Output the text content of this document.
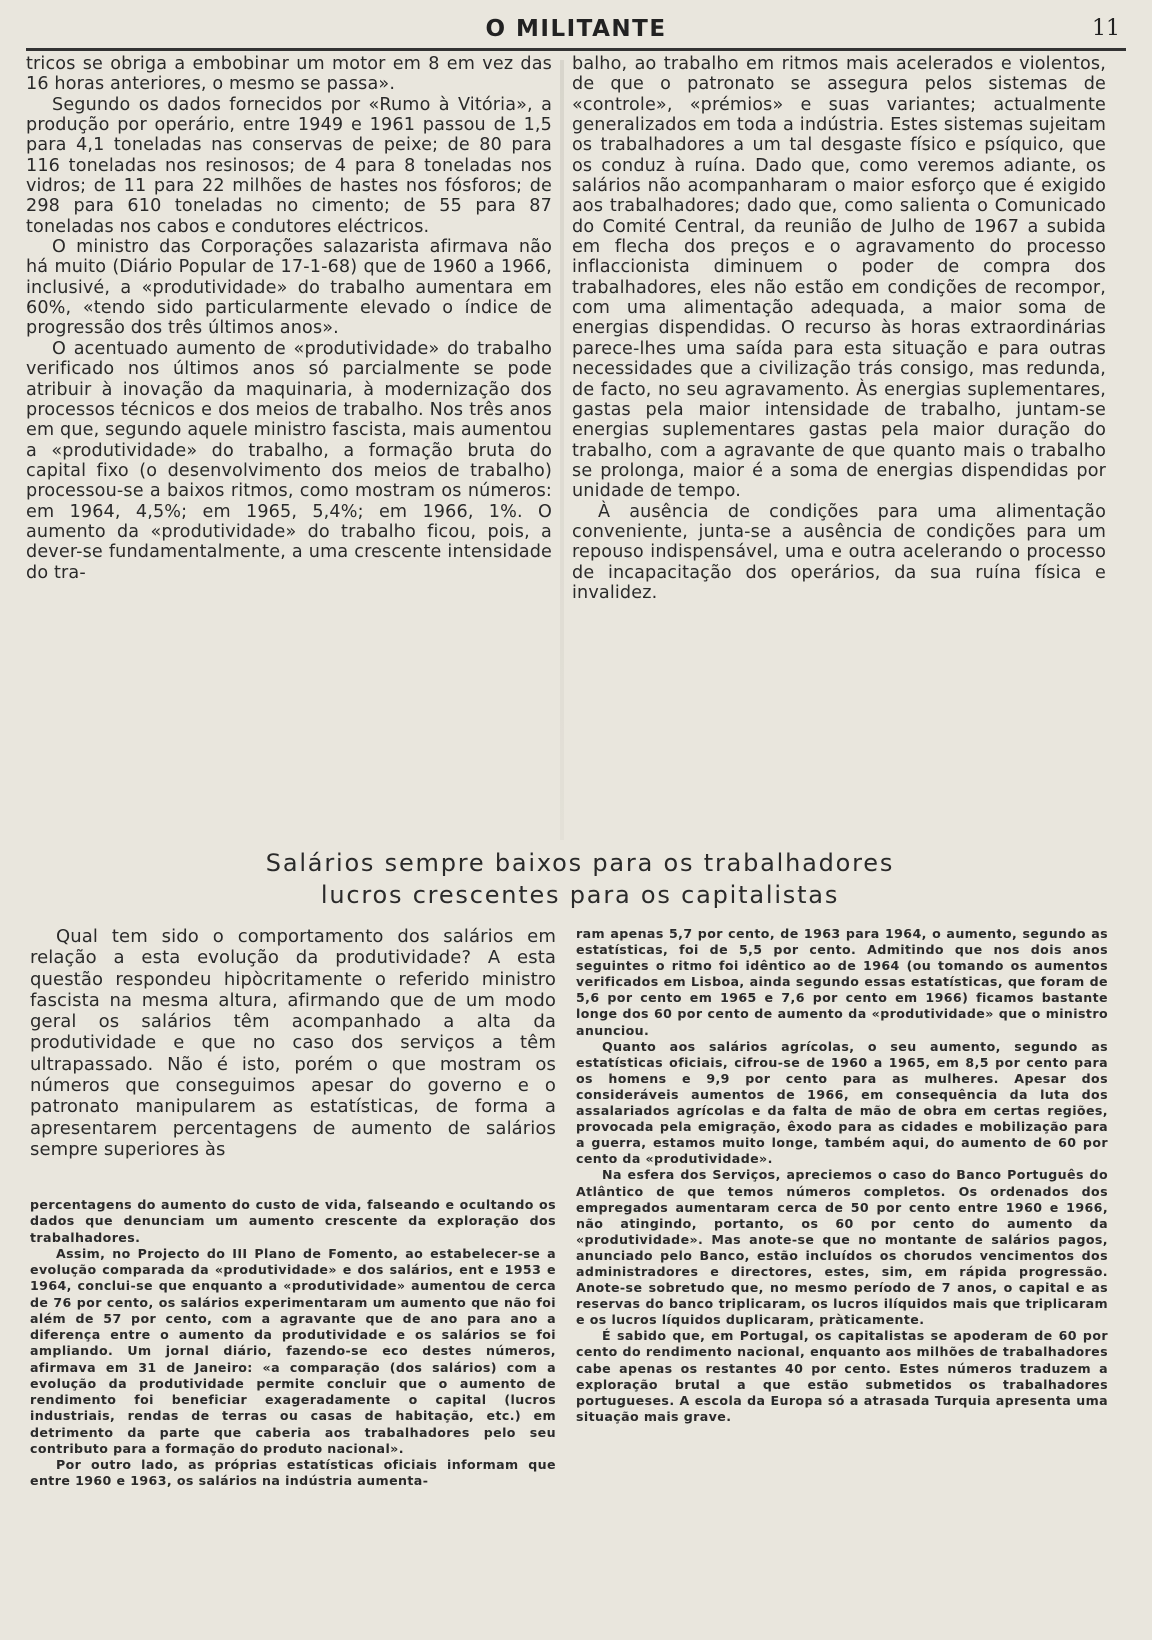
O MILITANTE	11

tricos se obriga a embobinar um motor em 8 em vez das 16 horas anteriores, o mesmo se passa».

Segundo os dados fornecidos por «Rumo à Vitória», a produção por operário, entre 1949 e 1961 passou de 1,5 para 4,1 toneladas nas conservas de peixe; de 80 para 116 toneladas nos resinosos; de 4 para 8 toneladas nos vidros; de 11 para 22 milhões de hastes nos fósforos; de 298 para 610 toneladas no cimento; de 55 para 87 toneladas nos cabos e condutores eléctricos.

O ministro das Corporações salazarista afirmava não há muito (Diário Popular de 17-1-68) que de 1960 a 1966, inclusivé, a «produtividade» do trabalho aumentara em 60%, «tendo sido particularmente elevado o índice de progressão dos três últimos anos».

O acentuado aumento de «produtividade» do trabalho verificado nos últimos anos só parcialmente se pode atribuir à inovação da maquinaria, à modernização dos processos técnicos e dos meios de trabalho. Nos três anos em que, segundo aquele ministro fascista, mais aumentou a «produtividade» do trabalho, a formação bruta do capital fixo (o desenvolvimento dos meios de trabalho) processou-se a baixos ritmos, como mostram os números: em 1964, 4,5%; em 1965, 5,4%; em 1966, 1%. O aumento da «produtividade» do trabalho ficou, pois, a dever-se fundamentalmente, a uma crescente intensidade do tra-

balho, ao trabalho em ritmos mais acelerados e violentos, de que o patronato se assegura pelos sistemas de «controle», «prémios» e suas variantes; actualmente generalizados em toda a indústria. Estes sistemas sujeitam os trabalhadores a um tal desgaste físico e psíquico, que os conduz à ruína. Dado que, como veremos adiante, os salários não acompanharam o maior esforço que é exigido aos trabalhadores; dado que, como salienta o Comunicado do Comité Central, da reunião de Julho de 1967 a subida em flecha dos preços e o agravamento do processo inflaccionista diminuem o poder de compra dos trabalhadores, eles não estão em condições de recompor, com uma alimentação adequada, a maior soma de energias dispendidas. O recurso às horas extraordinárias parece-lhes uma saída para esta situação e para outras necessidades que a civilização trás consigo, mas redunda, de facto, no seu agravamento. Às energias suplementares, gastas pela maior intensidade de trabalho, juntam-se energias suplementares gastas pela maior duração do trabalho, com a agravante de que quanto mais o trabalho se prolonga, maior é a soma de energias dispendidas por unidade de tempo.

À ausência de condições para uma alimentação conveniente, junta-se a ausência de condições para um repouso indispensável, uma e outra acelerando o processo de incapacitação dos operários, da sua ruína física e invalidez.

Salários sempre baixos para os trabalhadores
lucros crescentes para os capitalistas

Qual tem sido o comportamento dos salários em relação a esta evolução da produtividade? A esta questão respondeu hipòcritamente o referido ministro fascista na mesma altura, afirmando que de um modo geral os salários têm acompanhado a alta da produtividade e que no caso dos serviços a têm ultrapassado. Não é isto, porém o que mostram os números que conseguimos apesar do governo e o patronato manipularem as estatísticas, de forma a apresentarem percentagens de aumento de salários sempre superiores às

percentagens do aumento do custo de vida, falseando e ocultando os dados que denunciam um aumento crescente da exploração dos trabalhadores.

Assim, no Projecto do III Plano de Fomento, ao estabelecer-se a evolução comparada da «produtividade» e dos salários, ent e 1953 e 1964, conclui-se que enquanto a «produtividade» aumentou de cerca de 76 por cento, os salários experimentaram um aumento que não foi além de 57 por cento, com a agravante que de ano para ano a diferença entre o aumento da produtividade e os salários se foi ampliando. Um jornal diário, fazendo-se eco destes números, afirmava em 31 de Janeiro: «a comparação (dos salários) com a evolução da produtividade permite concluir que o aumento de rendimento foi beneficiar exageradamente o capital (lucros industriais, rendas de terras ou casas de habitação, etc.) em detrimento da parte que caberia aos trabalhadores pelo seu contributo para a formação do produto nacional».

Por outro lado, as próprias estatísticas oficiais informam que entre 1960 e 1963, os salários na indústria aumenta-

ram apenas 5,7 por cento, de 1963 para 1964, o aumento, segundo as estatísticas, foi de 5,5 por cento. Admitindo que nos dois anos seguintes o ritmo foi idêntico ao de 1964 (ou tomando os aumentos verificados em Lisboa, ainda segundo essas estatísticas, que foram de 5,6 por cento em 1965 e 7,6 por cento em 1966) ficamos bastante longe dos 60 por cento de aumento da «produtividade» que o ministro anunciou.

Quanto aos salários agrícolas, o seu aumento, segundo as estatísticas oficiais, cifrou-se de 1960 a 1965, em 8,5 por cento para os homens e 9,9 por cento para as mulheres. Apesar dos consideráveis aumentos de 1966, em consequência da luta dos assalariados agrícolas e da falta de mão de obra em certas regiões, provocada pela emigração, êxodo para as cidades e mobilização para a guerra, estamos muito longe, também aqui, do aumento de 60 por cento da «produtividade».

Na esfera dos Serviços, apreciemos o caso do Banco Português do Atlântico de que temos números completos. Os ordenados dos empregados aumentaram cerca de 50 por cento entre 1960 e 1966, não atingindo, portanto, os 60 por cento do aumento da «produtividade». Mas anote-se que no montante de salários pagos, anunciado pelo Banco, estão incluídos os chorudos vencimentos dos administradores e directores, estes, sim, em rápida progressão. Anote-se sobretudo que, no mesmo período de 7 anos, o capital e as reservas do banco triplicaram, os lucros ilíquidos mais que triplicaram e os lucros líquidos duplicaram, pràticamente.

É sabido que, em Portugal, os capitalistas se apoderam de 60 por cento do rendimento nacional, enquanto aos milhões de trabalhadores cabe apenas os restantes 40 por cento. Estes números traduzem a exploração brutal a que estão submetidos os trabalhadores portugueses. A escola da Europa só a atrasada Turquia apresenta uma situação mais grave.
